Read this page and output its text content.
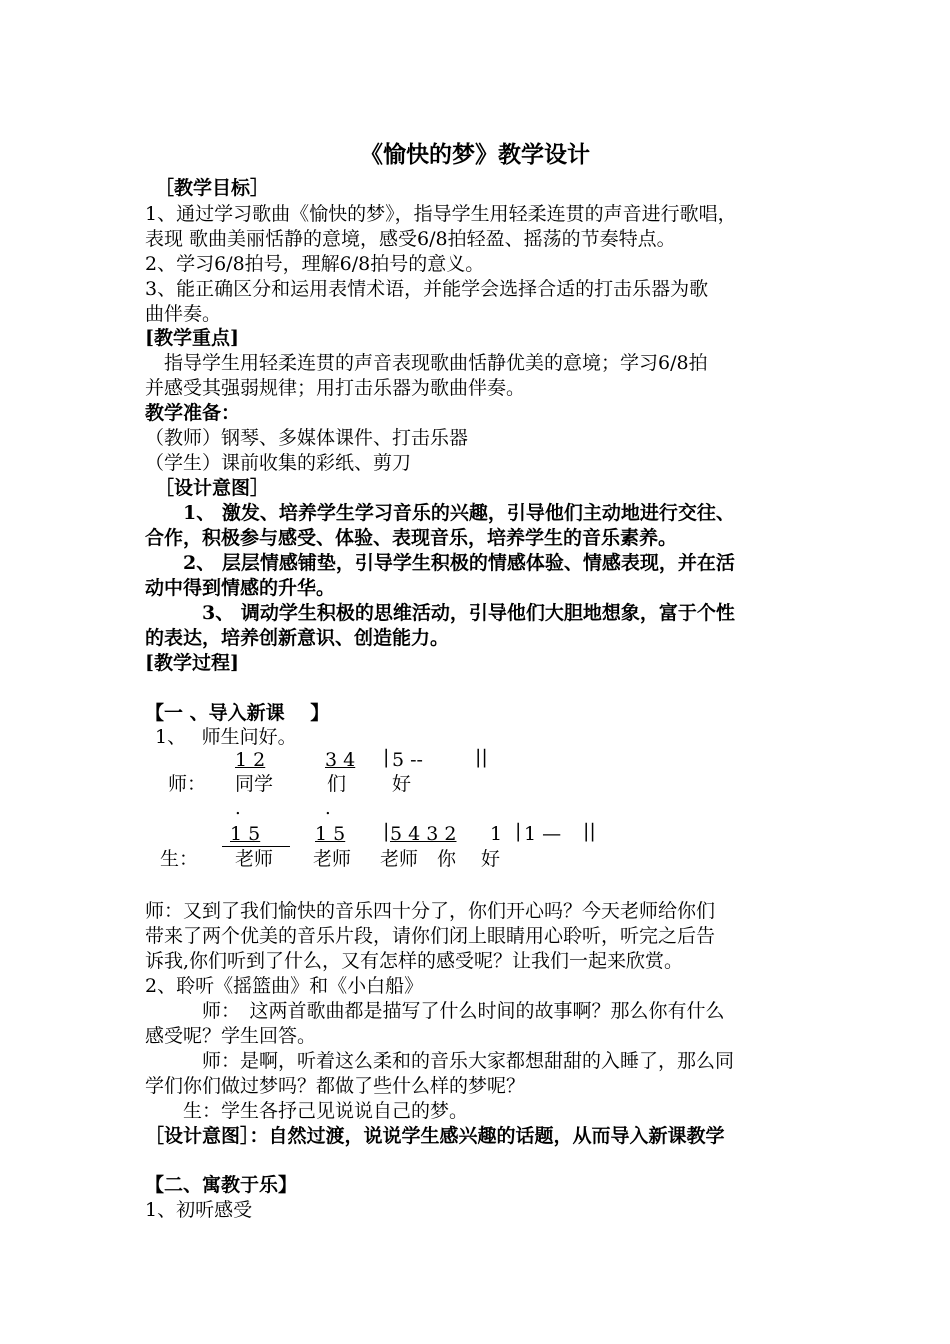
《愉快的梦》教学设计
［教学目标］
1、通过学习歌曲《愉快的梦》，指导学生用轻柔连贯的声音进行歌唱，
表现 歌曲美丽恬静的意境，感受6/8拍轻盈、摇荡的节奏特点。
2、学习6/8拍号，理解6/8拍号的意义。
3、能正确区分和运用表情术语，并能学会选择合适的打击乐器为歌
曲伴奏。
[教学重点]
　指导学生用轻柔连贯的声音表现歌曲恬静优美的意境；学习6/8拍
并感受其强弱规律；用打击乐器为歌曲伴奏。
教学准备：
（教师）钢琴、多媒体课件、打击乐器
（学生）课前收集的彩纸、剪刀
［设计意图］
　　1、 激发、培养学生学习音乐的兴趣，引导他们主动地进行交往、
合作，积极参与感受、体验、表现音乐，培养学生的音乐素养。
　　2、 层层情感铺垫，引导学生积极的情感体验、情感表现，并在活
动中得到情感的升华。
　　　3、 调动学生积极的思维活动，引导他们大胆地想象，富于个性
的表达，培养创新意识、创造能力。
[教学过程]
【一 、导入新课　 】
1、　 师生问好。
1 2	3 4 | 5 --	||
师： 同学	们 好
.	.
1 5	1 5 | 5 4 3 2 1 | 1 — ||
生： 老师 老师 老师 你 好
师：又到了我们愉快的音乐四十分了，你们开心吗？今天老师给你们
带来了两个优美的音乐片段，请你们闭上眼睛用心聆听，听完之后告
诉我,你们听到了什么，又有怎样的感受呢？让我们一起来欣赏。
2、聆听《摇篮曲》和《小白船》
　　　师：　这两首歌曲都是描写了什么时间的故事啊？那么你有什么
感受呢？学生回答。
　　　师：是啊，听着这么柔和的音乐大家都想甜甜的入睡了，那么同
学们你们做过梦吗？都做了些什么样的梦呢？
　　生：学生各抒己见说说自己的梦。
［设计意图］：自然过渡，说说学生感兴趣的话题，从而导入新课教学
【二、寓教于乐】
1、初听感受
